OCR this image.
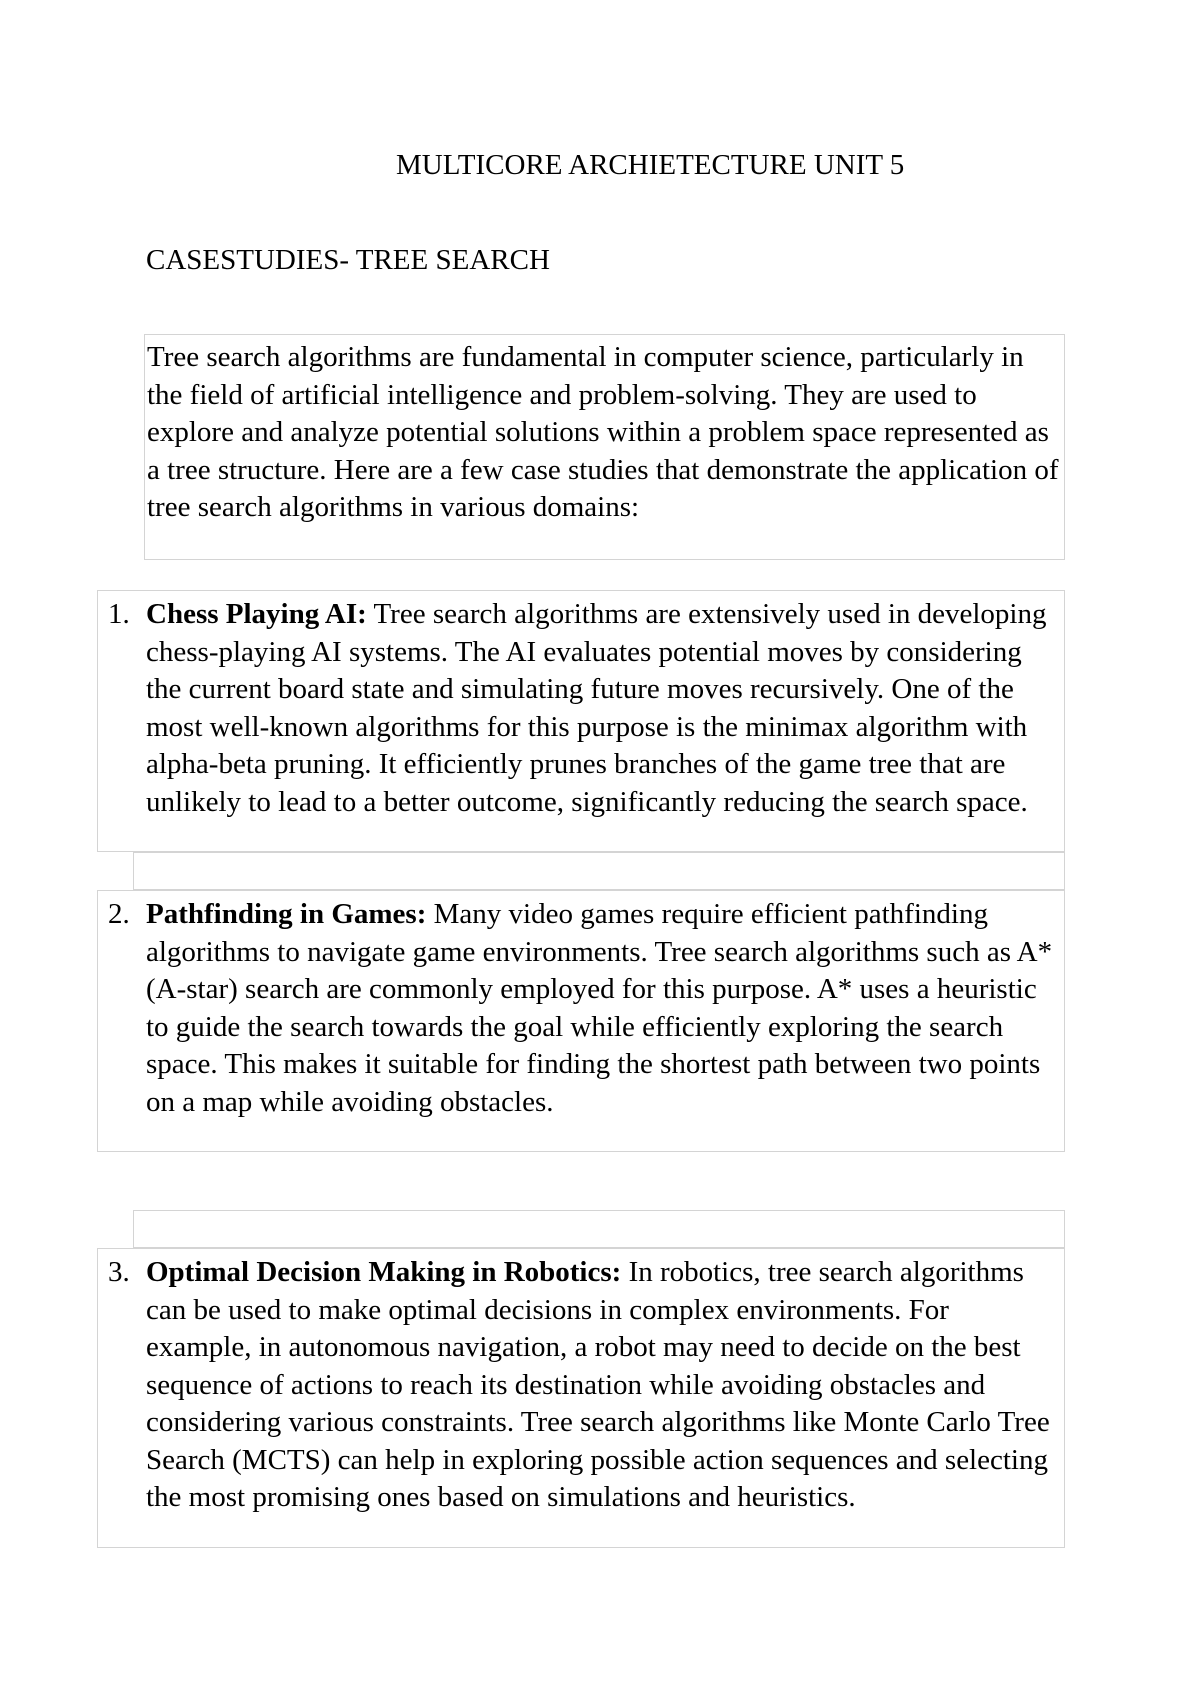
MULTICORE ARCHIETECTURE UNIT 5
CASESTUDIES- TREE SEARCH

Tree search algorithms are fundamental in computer science, particularly in the field of artificial intelligence and problem-solving. They are used to explore and analyze potential solutions within a problem space represented as a tree structure. Here are a few case studies that demonstrate the application of tree search algorithms in various domains:

1. Chess Playing AI: Tree search algorithms are extensively used in developing chess-playing AI systems. The AI evaluates potential moves by considering the current board state and simulating future moves recursively. One of the most well-known algorithms for this purpose is the minimax algorithm with alpha-beta pruning. It efficiently prunes branches of the game tree that are unlikely to lead to a better outcome, significantly reducing the search space.

2. Pathfinding in Games: Many video games require efficient pathfinding algorithms to navigate game environments. Tree search algorithms such as A* (A-star) search are commonly employed for this purpose. A* uses a heuristic to guide the search towards the goal while efficiently exploring the search space. This makes it suitable for finding the shortest path between two points on a map while avoiding obstacles.

3. Optimal Decision Making in Robotics: In robotics, tree search algorithms can be used to make optimal decisions in complex environments. For example, in autonomous navigation, a robot may need to decide on the best sequence of actions to reach its destination while avoiding obstacles and considering various constraints. Tree search algorithms like Monte Carlo Tree Search (MCTS) can help in exploring possible action sequences and selecting the most promising ones based on simulations and heuristics.
